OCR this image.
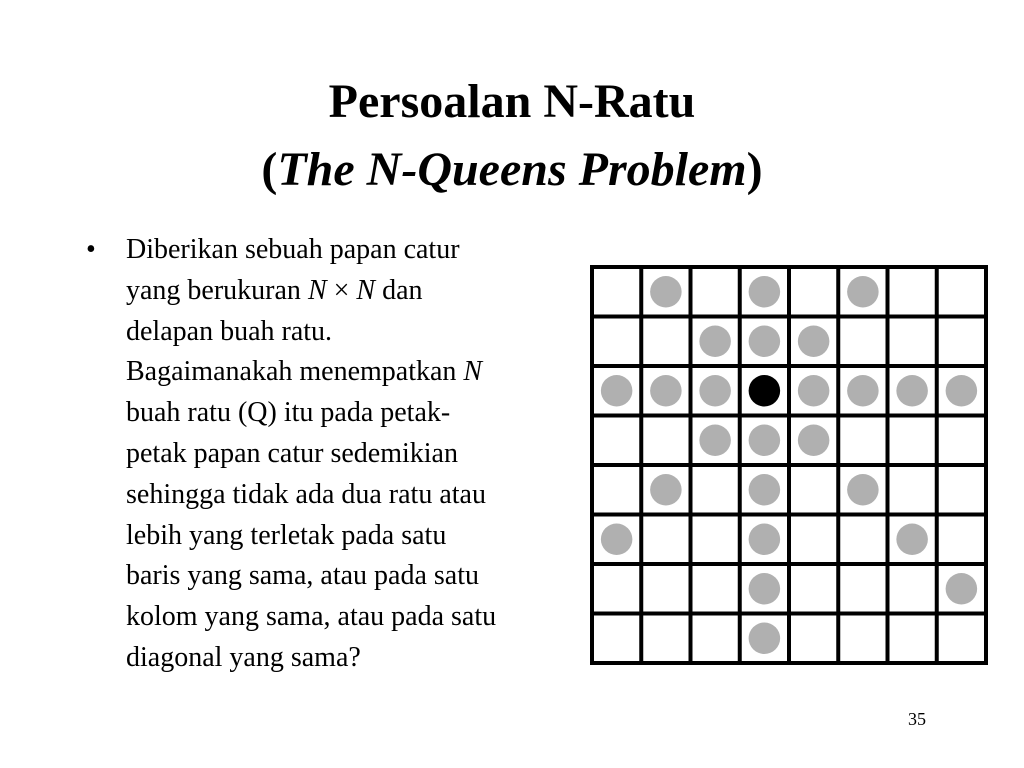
Persoalan N-Ratu
(The N-Queens Problem)
• Diberikan sebuah papan catur
yang berukuran N × N dan
delapan buah ratu.
Bagaimanakah menempatkan N
buah ratu (Q) itu pada petak-
petak papan catur sedemikian
sehingga tidak ada dua ratu atau
lebih yang terletak pada satu
baris yang sama, atau pada satu
kolom yang sama, atau pada satu
diagonal yang sama?
35
